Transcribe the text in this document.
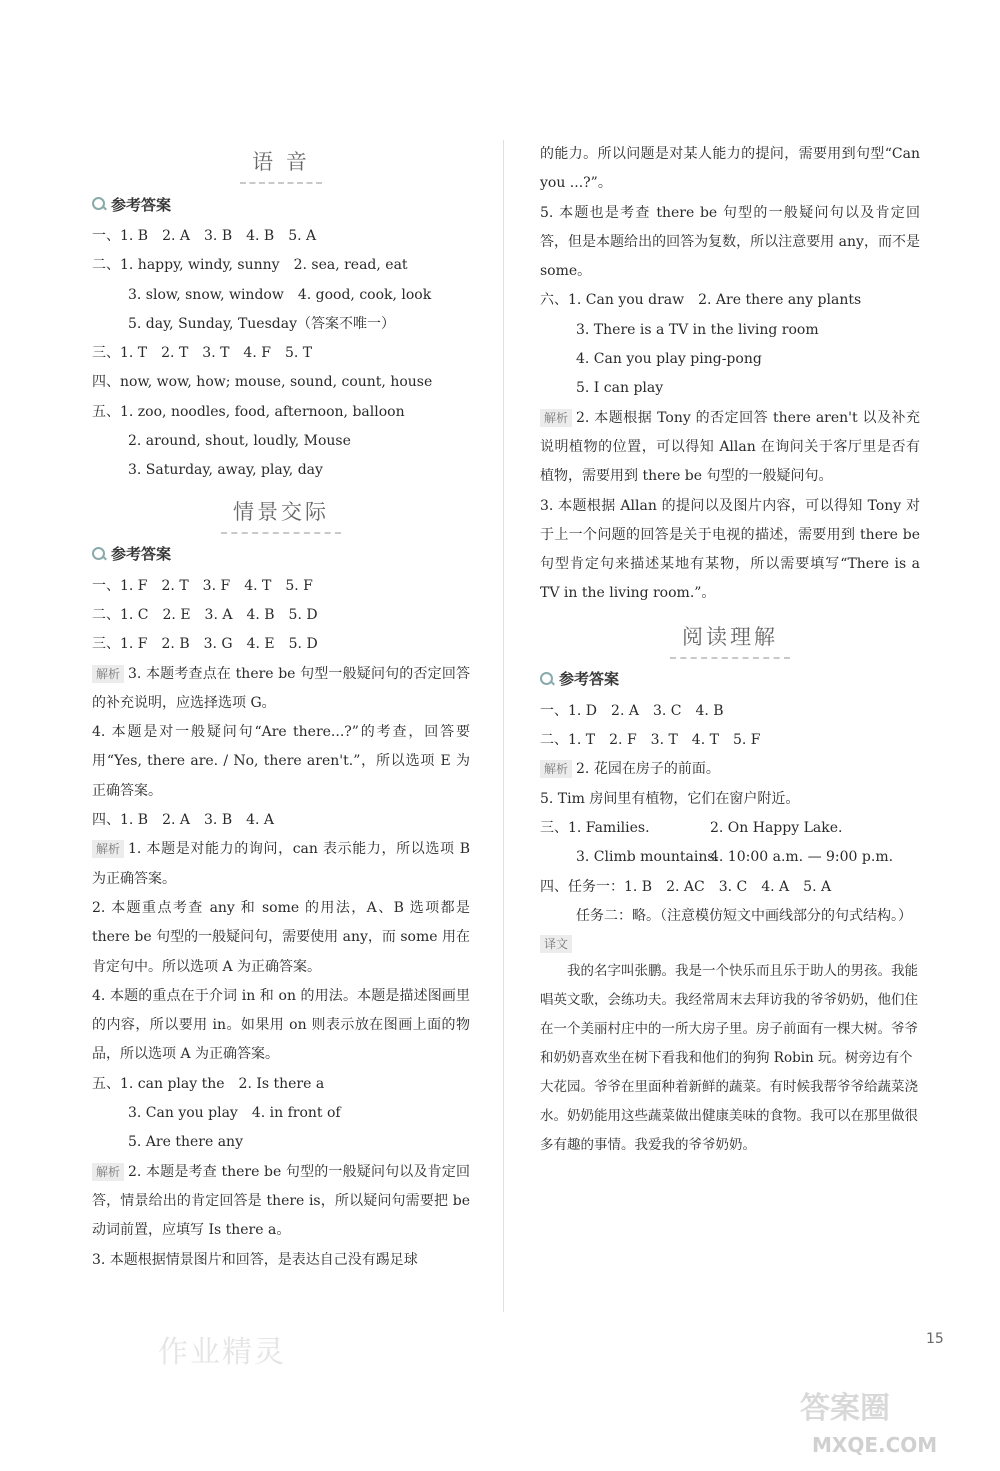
语 音
参考答案
一、1. B　2. A　3. B　4. B　5. A
二、1. happy, windy, sunny　2. sea, read, eat
3. slow, snow, window　4. good, cook, look
5. day, Sunday, Tuesday（答案不唯一）
三、1. T　2. T　3. T　4. F　5. T
四、now, wow, how; mouse, sound, count, house
五、1. zoo, noodles, food, afternoon, balloon
2. around, shout, loudly, Mouse
3. Saturday, away, play, day
情景交际
参考答案
一、1. F　2. T　3. F　4. T　5. F
二、1. C　2. E　3. A　4. B　5. D
三、1. F　2. B　3. G　4. E　5. D
解析 3. 本题考查点在 there be 句型一般疑问句的否定回答的补充说明，应选择选项 G。
4. 本题是对一般疑问句“Are there...?”的考查，回答要用“Yes, there are. / No, there aren't.”，所以选项 E 为正确答案。
四、1. B　2. A　3. B　4. A
解析 1. 本题是对能力的询问，can 表示能力，所以选项 B 为正确答案。
2. 本题重点考查 any 和 some 的用法，A、B 选项都是 there be 句型的一般疑问句，需要使用 any，而 some 用在肯定句中。所以选项 A 为正确答案。
4. 本题的重点在于介词 in 和 on 的用法。本题是描述图画里的内容，所以要用 in。如果用 on 则表示放在图画上面的物品，所以选项 A 为正确答案。
五、1. can play the　2. Is there a
3. Can you play　4. in front of
5. Are there any
解析 2. 本题是考查 there be 句型的一般疑问句以及肯定回答，情景给出的肯定回答是 there is，所以疑问句需要把 be 动词前置，应填写 Is there a。
3. 本题根据情景图片和回答，是表达自己没有踢足球
的能力。所以问题是对某人能力的提问，需要用到句型“Can you ...?”。
5. 本题也是考查 there be 句型的一般疑问句以及肯定回答，但是本题给出的回答为复数，所以注意要用 any，而不是 some。
六、1. Can you draw　2. Are there any plants
3. There is a TV in the living room
4. Can you play ping-pong
5. I can play
解析 2. 本题根据 Tony 的否定回答 there aren't 以及补充说明植物的位置，可以得知 Allan 在询问关于客厅里是否有植物，需要用到 there be 句型的一般疑问句。
3. 本题根据 Allan 的提问以及图片内容，可以得知 Tony 对于上一个问题的回答是关于电视的描述，需要用到 there be 句型肯定句来描述某地有某物，所以需要填写“There is a TV in the living room.”。
阅读理解
参考答案
一、1. D　2. A　3. C　4. B
二、1. T　2. F　3. T　4. T　5. F
解析 2. 花园在房子的前面。
5. Tim 房间里有植物，它们在窗户附近。
三、1. Families.	2. On Happy Lake.
3. Climb mountains.4. 10:00 a.m. — 9:00 p.m.
四、任务一：1. B　2. AC　3. C　4. A　5. A
任务二：略。（注意模仿短文中画线部分的句式结构。）
译文
我的名字叫张鹏。我是一个快乐而且乐于助人的男孩。我能唱英文歌，会练功夫。我经常周末去拜访我的爷爷奶奶，他们住在一个美丽村庄中的一所大房子里。房子前面有一棵大树。爷爷和奶奶喜欢坐在树下看我和他们的狗狗 Robin 玩。树旁边有个大花园。爷爷在里面种着新鲜的蔬菜。有时候我帮爷爷给蔬菜浇水。奶奶能用这些蔬菜做出健康美味的食物。我可以在那里做很多有趣的事情。我爱我的爷爷奶奶。
15
作业精灵
答案圈
MXQE.COM
